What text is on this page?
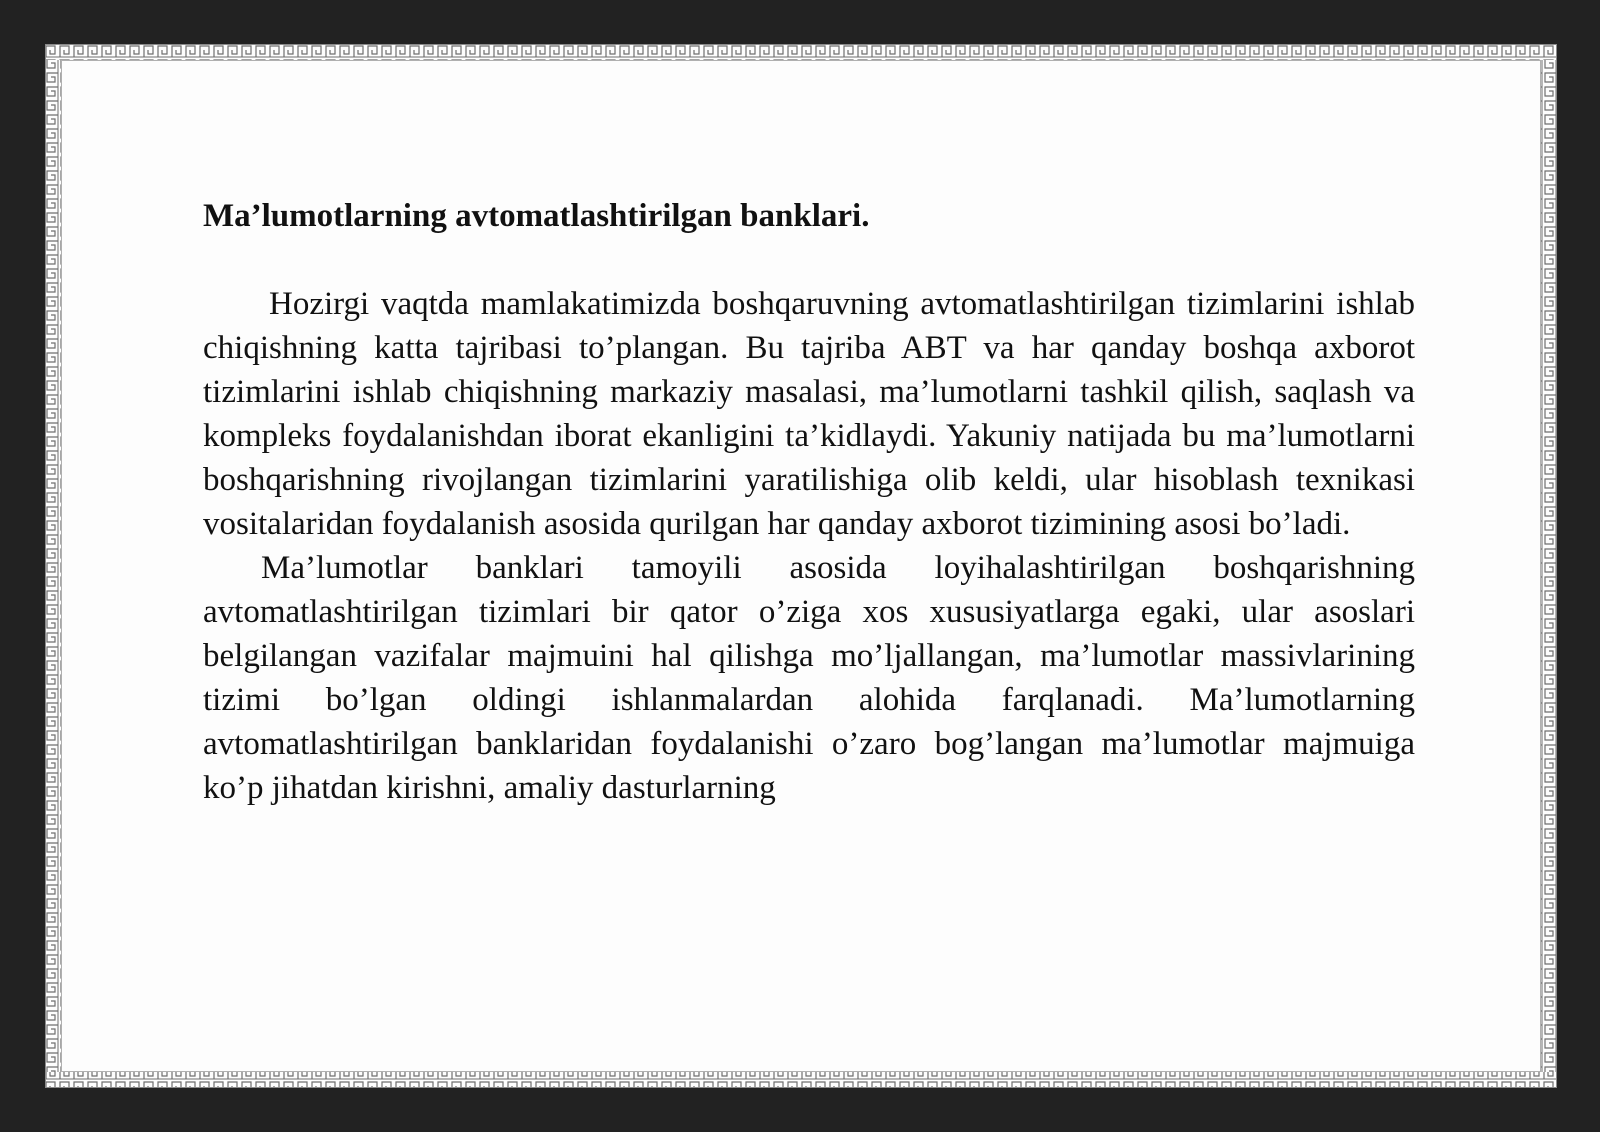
Ma’lumotlarning avtomatlashtirilgan banklari.

Hozirgi vaqtda mamlakatimizda boshqaruvning avtomatlashtirilgan tizimlarini ishlab chiqishning katta tajribasi to’plangan. Bu tajriba ABT va har qanday boshqa axborot tizimlarini ishlab chiqishning markaziy masalasi, ma’lumotlarni tashkil qilish, saqlash va kompleks foydalanishdan iborat ekanligini ta’kidlaydi. Yakuniy natijada bu ma’lumotlarni boshqarishning rivojlangan tizimlarini yaratilishiga olib keldi, ular hisoblash texnikasi vositalaridan foydalanish asosida qurilgan har qanday axborot tizimining asosi bo’ladi.

Ma’lumotlar banklari tamoyili asosida loyihalashtirilgan boshqarishning avtomatlashtirilgan tizimlari bir qator o’ziga xos xususiyatlarga egaki, ular asoslari belgilangan vazifalar majmuini hal qilishga mo’ljallangan, ma’lumotlar massivlarining tizimi bo’lgan oldingi ishlanmalardan alohida farqlanadi. Ma’lumotlarning avtomatlashtirilgan banklaridan foydalanishi o’zaro bog’langan ma’lumotlar majmuiga ko’p jihatdan kirishni, amaliy dasturlarning
